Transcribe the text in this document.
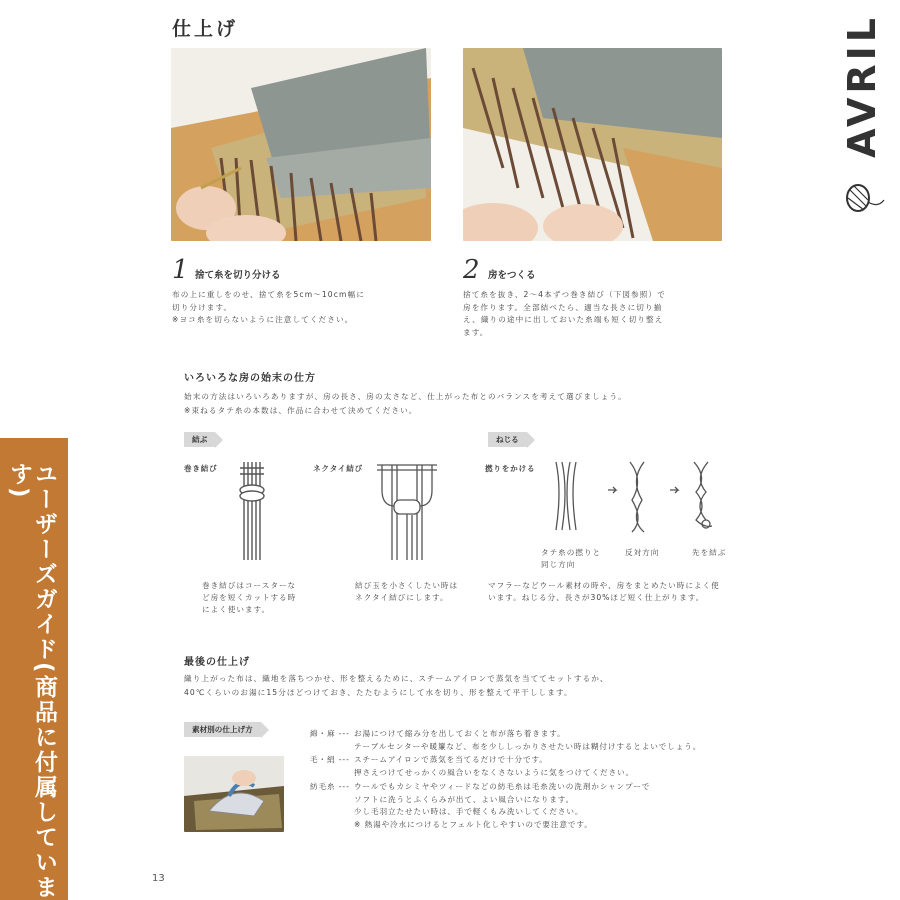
ユーザーズガイド(商品に付属しています)
AVRIL
仕上げ
1 捨て糸を切り分ける
布の上に重しをのせ、捨て糸を5cm〜10cm幅に
切り分けます。
※ヨコ糸を切らないように注意してください。
2 房をつくる
捨て糸を抜き、2〜4本ずつ巻き結び（下図参照）で
房を作ります。全部結べたら、適当な長さに切り揃
え、織りの途中に出しておいた糸端も短く切り整え
ます。
いろいろな房の始末の仕方
始末の方法はいろいろありますが、房の長さ、房の太さなど、仕上がった布とのバランスを考えて選びましょう。
※束ねるタテ糸の本数は、作品に合わせて決めてください。
結ぶ	ねじる
巻き結び	ネクタイ結び
巻き結びはコースターな
ど房を短くカットする時
によく使います。
結び玉を小さくしたい時は
ネクタイ結びにします。
撚りをかける
タテ糸の撚りと
同じ方向
反対方向	先を結ぶ
マフラーなどウール素材の時や、房をまとめたい時によく使
います。ねじる分、長さが30%ほど短く仕上がります。
最後の仕上げ
織り上がった布は、織地を落ちつかせ、形を整えるために、スチームアイロンで蒸気を当ててセットするか、
40℃くらいのお湯に15分ほどつけておき、たたむようにして水を切り、形を整えて平干しします。
素材別の仕上げ方	綿・麻 --- お湯につけて縮み分を出しておくと布が落ち着きます。
テーブルセンターや暖簾など、布を少ししっかりさせたい時は糊付けするとよいでしょう。
毛・絹 --- スチームアイロンで蒸気を当てるだけで十分です。
押さえつけてせっかくの風合いをなくさないように気をつけてください。
紡毛糸 --- ウールでもカシミヤやツィードなどの紡毛糸は毛糸洗いの洗剤かシャンプーで
ソフトに洗うとふくらみが出て、よい風合いになります。
少し毛羽立たせたい時は、手で軽くもみ洗いしてください。
※ 熱湯や冷水につけるとフェルト化しやすいので要注意です。
13
